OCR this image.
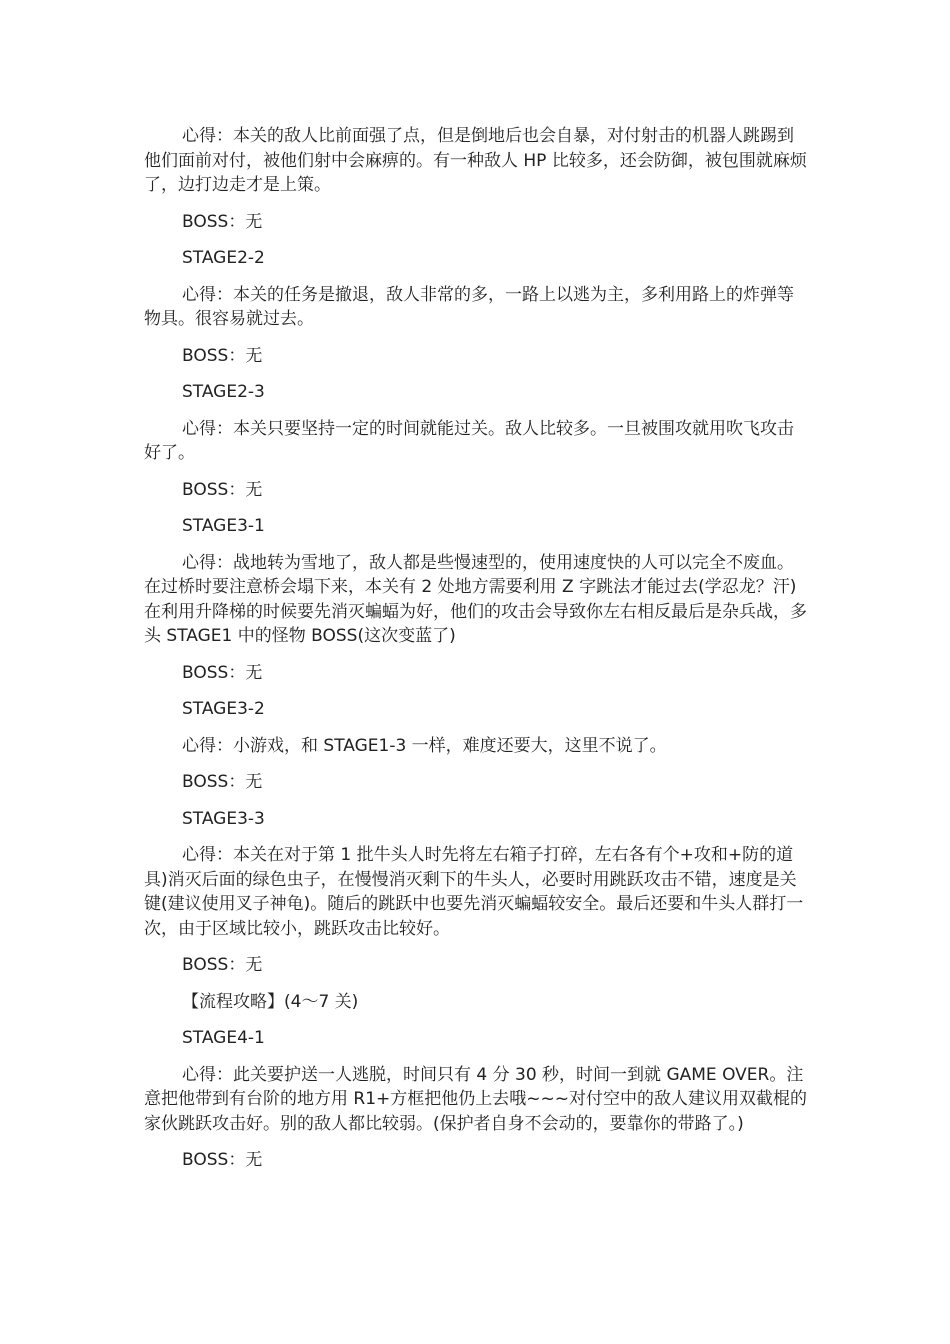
心得：本关的敌人比前面强了点，但是倒地后也会自暴，对付射击的机器人跳踢到他们面前对付，被他们射中会麻痹的。有一种敌人 HP 比较多，还会防御，被包围就麻烦了，边打边走才是上策。

BOSS：无

STAGE2-2

心得：本关的任务是撤退，敌人非常的多，一路上以逃为主，多利用路上的炸弹等物具。很容易就过去。

BOSS：无

STAGE2-3

心得：本关只要坚持一定的时间就能过关。敌人比较多。一旦被围攻就用吹飞攻击好了。

BOSS：无

STAGE3-1

心得：战地转为雪地了，敌人都是些慢速型的，使用速度快的人可以完全不废血。在过桥时要注意桥会塌下来，本关有 2 处地方需要利用 Z 字跳法才能过去(学忍龙？汗)在利用升降梯的时候要先消灭蝙蝠为好，他们的攻击会导致你左右相反最后是杂兵战，多头 STAGE1 中的怪物 BOSS(这次变蓝了)

BOSS：无

STAGE3-2

心得：小游戏，和 STAGE1-3 一样，难度还要大，这里不说了。

BOSS：无

STAGE3-3

心得：本关在对于第 1 批牛头人时先将左右箱子打碎，左右各有个+攻和+防的道具)消灭后面的绿色虫子，在慢慢消灭剩下的牛头人，必要时用跳跃攻击不错，速度是关键(建议使用叉子神龟)。随后的跳跃中也要先消灭蝙蝠较安全。最后还要和牛头人群打一次，由于区域比较小，跳跃攻击比较好。

BOSS：无

【流程攻略】(4～7 关)

STAGE4-1

心得：此关要护送一人逃脱，时间只有 4 分 30 秒，时间一到就 GAME OVER。注意把他带到有台阶的地方用 R1+方框把他仍上去哦~~~对付空中的敌人建议用双截棍的家伙跳跃攻击好。别的敌人都比较弱。(保护者自身不会动的，要靠你的带路了。)

BOSS：无
